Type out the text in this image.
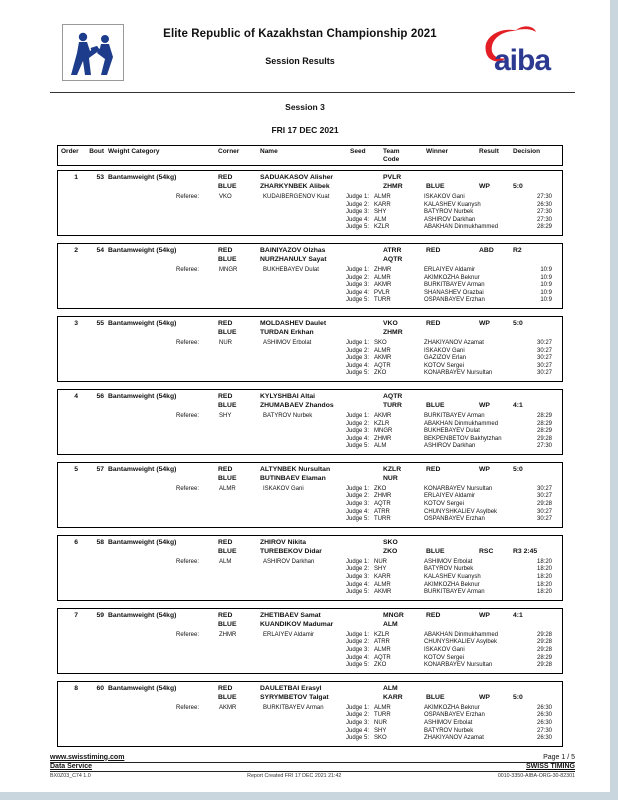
Elite Republic of Kazakhstan Championship 2021
Session Results	aiba
Session 3
FRI 17 DEC 2021
Order	Bout Weight Category	Corner	Name	Seed	Team
Code
Winner	Result	Decision
1	53 Bantamweight (54kg)	RED	SADUAKASOV Alisher	PVLR
BLUE	ZHARKYNBEK Alibek	ZHMR	BLUE	WP	5:0
Referee:	VKO	KUDAIBERGENOV Kuat	Judge 1: ALMR	ISKAKOV Gani	27:30
Judge 2: KARR	KALASHEV Kuanysh	26:30
Judge 3: SHY	BATYROV Nurbek	27:30
Judge 4: ALM	ASHIROV Darkhan	27:30
Judge 5: KZLR	ABAKHAN Dinmukhammed	28:29
2	54 Bantamweight (54kg)	RED	BAINIYAZOV Olzhas	ATRR	RED	ABD	R2
BLUE	NURZHANULY Sayat	AQTR
Referee:	MNGR	BUKHEBAYEV Dulat	Judge 1: ZHMR	ERLAIYEV Aldamir	10:9
Judge 2: ALMR	AKIMKOZHA Beknur	10:9
Judge 3: AKMR	BURKITBAYEV Arman	10:9
Judge 4: PVLR	SHANASHEV Orazbai	10:9
Judge 5: TURR	OSPANBAYEV Erzhan	10:9
3	55 Bantamweight (54kg)	RED	MOLDASHEV Daulet	VKO	RED	WP	5:0
BLUE	TURDAN Erkhan	ZHMR
Referee:	NUR	ASHIMOV Erbolat	Judge 1: SKO	ZHAKIYANOV Azamat	30:27
Judge 2: ALMR	ISKAKOV Gani	30:27
Judge 3: AKMR	GAZIZOV Erlan	30:27
Judge 4: AQTR	KOTOV Sergei	30:27
Judge 5: ZKO	KONARBAYEV Nursultan	30:27
4	56 Bantamweight (54kg)	RED	KYLYSHBAI Altai	AQTR
BLUE	ZHUMABAEV Zhandos	TURR	BLUE	WP	4:1
Referee:	SHY	BATYROV Nurbek	Judge 1: AKMR	BURKITBAYEV Arman	28:29
Judge 2: KZLR	ABAKHAN Dinmukhammed	28:29
Judge 3: MNGR	BUKHEBAYEV Dulat	28:29
Judge 4: ZHMR	BEKPENBETOV Bakhytzhan	29:28
Judge 5: ALM	ASHIROV Darkhan	27:30
5	57 Bantamweight (54kg)	RED	ALTYNBEK Nursultan	KZLR	RED	WP	5:0
BLUE	BUTINBAEV Elaman	NUR
Referee:	ALMR	ISKAKOV Gani	Judge 1: ZKO	KONARBAYEV Nursultan	30:27
Judge 2: ZHMR	ERLAIYEV Aldamir	30:27
Judge 3: AQTR	KOTOV Sergei	29:28
Judge 4: ATRR	CHUNYSHKALIEV Asylbek	30:27
Judge 5: TURR	OSPANBAYEV Erzhan	30:27
6	58 Bantamweight (54kg)	RED	ZHIROV Nikita	SKO
BLUE	TUREBEKOV Didar	ZKO	BLUE	RSC	R3 2:45
Referee:	ALM	ASHIROV Darkhan	Judge 1: NUR	ASHIMOV Erbolat	18:20
Judge 2: SHY	BATYROV Nurbek	18:20
Judge 3: KARR	KALASHEV Kuanysh	18:20
Judge 4: ALMR	AKIMKOZHA Beknur	18:20
Judge 5: AKMR	BURKITBAYEV Arman	18:20
7	59 Bantamweight (54kg)	RED	ZHETIBAEV Samat	MNGR	RED	WP	4:1
BLUE	KUANDIKOV Madumar	ALM
Referee:	ZHMR	ERLAIYEV Aldamir	Judge 1: KZLR	ABAKHAN Dinmukhammed	29:28
Judge 2: ATRR	CHUNYSHKALIEV Asylbek	29:28
Judge 3: ALMR	ISKAKOV Gani	29:28
Judge 4: AQTR	KOTOV Sergei	28:29
Judge 5: ZKO	KONARBAYEV Nursultan	29:28
8	60 Bantamweight (54kg)	RED	DAULETBAI Erasyl	ALM
BLUE	SYRYMBETOV Talgat	KARR	BLUE	WP	5:0
Referee:	AKMR	BURKITBAYEV Arman	Judge 1: ALMR	AKIMKOZHA Beknur	26:30
Judge 2: TURR	OSPANBAYEV Erzhan	26:30
Judge 3: NUR	ASHIMOV Erbolat	26:30
Judge 4: SHY	BATYROV Nurbek	27:30
Judge 5: SKO	ZHAKIYANOV Azamat	26:30
www.swisstiming.com	Page 1 / 5
Data Service	SWISS TIMING
BX0Z03_C74 1.0	Report Created FRI 17 DEC 2021 21:42	0010-3350-AIBA-ORG-30-82301
